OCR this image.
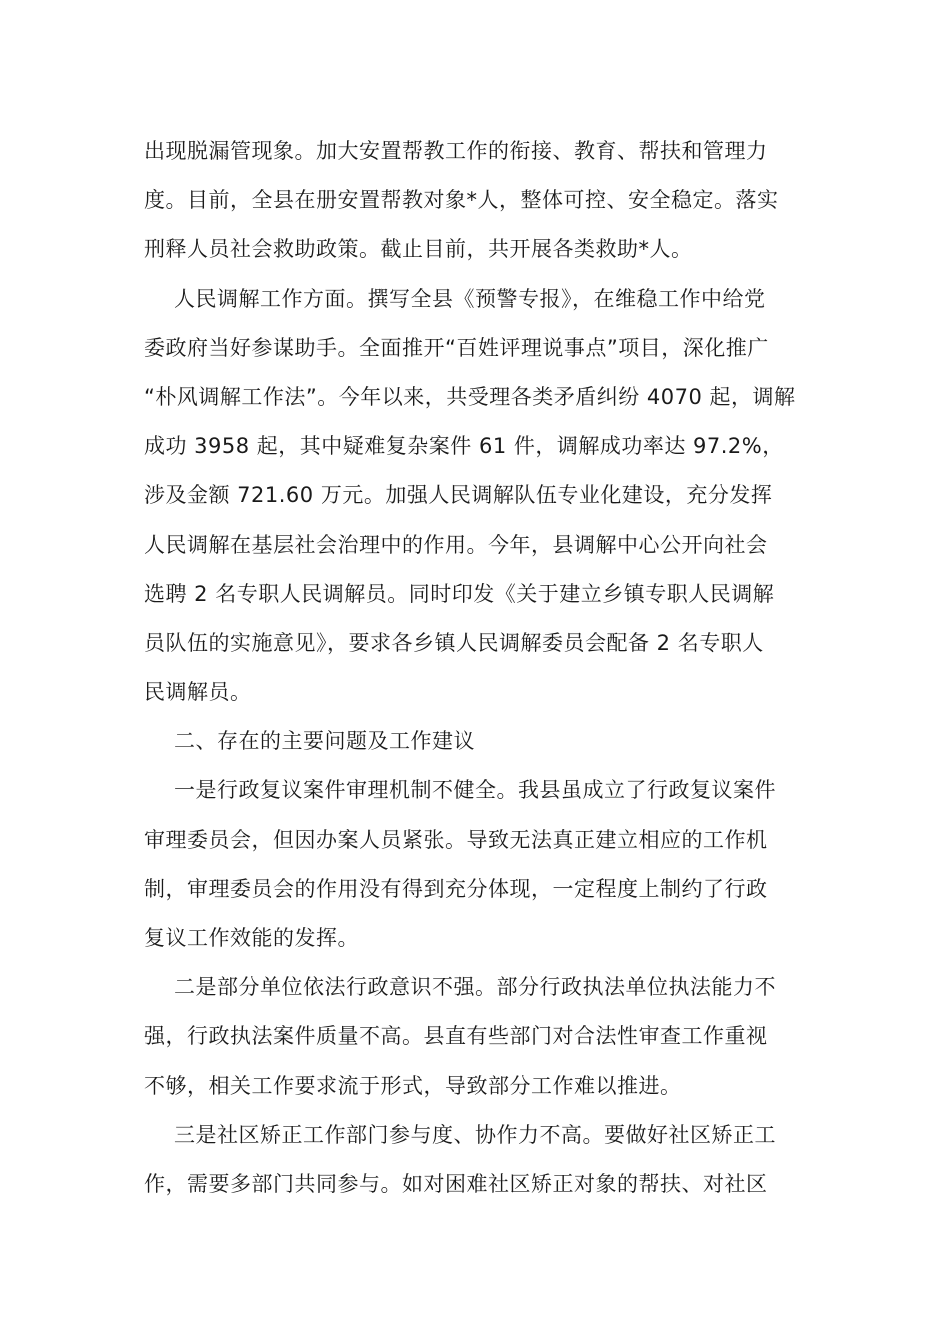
出现脱漏管现象。加大安置帮教工作的衔接、教育、帮扶和管理力
度。目前，全县在册安置帮教对象*人，整体可控、安全稳定。落实
刑释人员社会救助政策。截止目前，共开展各类救助*人。
人民调解工作方面。撰写全县《预警专报》，在维稳工作中给党
委政府当好参谋助手。全面推开“百姓评理说事点”项目，深化推广
“朴风调解工作法”。今年以来，共受理各类矛盾纠纷 4070 起，调解
成功 3958 起，其中疑难复杂案件 61 件，调解成功率达 97.2%，
涉及金额 721.60 万元。加强人民调解队伍专业化建设，充分发挥
人民调解在基层社会治理中的作用。今年，县调解中心公开向社会
选聘 2 名专职人民调解员。同时印发《关于建立乡镇专职人民调解
员队伍的实施意见》，要求各乡镇人民调解委员会配备 2 名专职人
民调解员。
二、存在的主要问题及工作建议
一是行政复议案件审理机制不健全。我县虽成立了行政复议案件
审理委员会，但因办案人员紧张。导致无法真正建立相应的工作机
制，审理委员会的作用没有得到充分体现，一定程度上制约了行政
复议工作效能的发挥。
二是部分单位依法行政意识不强。部分行政执法单位执法能力不
强，行政执法案件质量不高。县直有些部门对合法性审查工作重视
不够，相关工作要求流于形式，导致部分工作难以推进。
三是社区矫正工作部门参与度、协作力不高。要做好社区矫正工
作，需要多部门共同参与。如对困难社区矫正对象的帮扶、对社区
